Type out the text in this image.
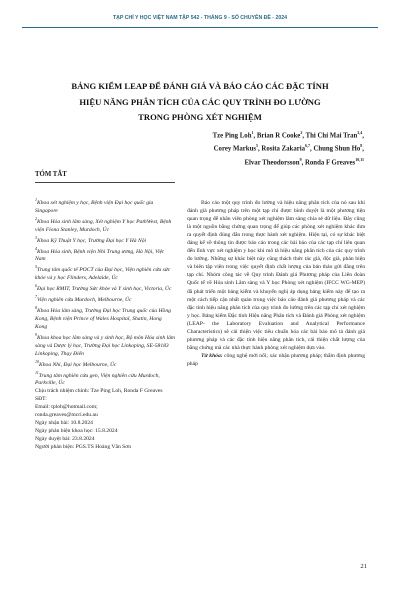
TẠP CHÍ Y HỌC VIỆT NAM TẬP 542 - THÁNG 9 - SỐ CHUYÊN ĐỀ - 2024
BẢNG KIỂM LEAP ĐỂ ĐÁNH GIÁ VÀ BÁO CÁO CÁC ĐẶC TÍNH
HIỆU NĂNG PHÂN TÍCH CỦA CÁC QUY TRÌNH ĐO LƯỜNG
TRONG PHÒNG XÉT NGHIỆM
Tze Ping Loh$^1$, Brian R Cooke$^2$, Thi Chi Mai Tran$^{3,4}$,
Corey Markus$^5$, Rosita Zakaria$^{6,7}$, Chung Shun Ho$^8$,
Elvar Theodorsson$^9$, Ronda F Greaves$^{10,11}$
TÓM TẮT

$^1$Khoa xét nghiệm y học, Bệnh viện Đại học quốc gia Singapore

$^2$Khoa Hóa sinh lâm sàng, Xét nghiệm Y học PathWest, Bệnh viện Fiona Stanley, Murdoch, Úc

$^3$Khoa Kỹ Thuật Y học, Trường Đại học Y Hà Nội

$^4$Khoa Hóa sinh, Bệnh viện Nhi Trung ương, Hà Nội, Việt Nam

$^5$Trung tâm quốc tế POCT của Đại học, Viện nghiên cứu sức khỏe và y học Flinders, Adelaide, Úc

$^6$Đại học RMIT, Trường Sức khỏe và Y sinh học, Victoria, Úc

$^7$Viện nghiên cứu Murdoch, Melbourne, Úc

$^8$Khoa Hóa lâm sàng, Trường Đại học Trung quốc của Hồng Kong, Bệnh viện Prince of Wales Hospital, Shatin, Hong Kong

$^9$Khoa khoa học lâm sàng và y sinh học, Bộ môn Hóa sinh lâm sàng và Dược lý học, Trường Đại học Linkoping, SE-58183 Linkoping, Thụy Điển

$^{10}$Khoa Nhi, Đại học Melbourne, Úc

$^{11}$Trung tâm nghiên cứu gen, Viện nghiên cứu Murdoch, Parkville, Úc

Chịu trách nhiệm chính: Tze Ping Loh, Ronda F Greaves

SĐT:

Email: tploh@hotmail.com;

ronda.greaves@mcri.edu.au

Ngày nhận bài: 10.8.2024

Ngày phản biện khoa học: 15.8.2024

Ngày duyệt bài: 23.8.2024

Người phản biện: PGS.TS Hoàng Văn Sơn

Báo cáo một quy trình đo lường và hiệu năng phân tích của nó sau khi đánh giá phương pháp trên một tạp chí được bình duyệt là một phương tiện quan trọng để nhân viên phòng xét nghiệm lâm sàng chia sẻ dữ liệu. Đây cũng là một nguồn bằng chứng quan trọng để giúp các phòng xét nghiệm khác đưa ra quyết định đúng đắn trong thực hành xét nghiệm. Hiện tại, có sự khác biệt đáng kể về thông tin được báo cáo trong các bài báo của các tạp chí liên quan đến lĩnh vực xét nghiệm y học khi mô tả hiệu năng phân tích của các quy trình đo lường. Những sự khác biệt này cũng thách thức tác giả, độc giả, phản biện và biên tập viên trong việc quyết định chất lượng của bản thảo gửi đăng trên tạp chí. Nhóm công tác về Quy trình Đánh giá Phương pháp của Liên đoàn Quốc tế về Hóa sinh Lâm sàng và Y học Phòng xét nghiệm (IFCC WG-MEP) đã phát triển một bảng kiểm và khuyến nghị áp dụng bảng kiểm này để tạo ra một cách tiếp cận nhất quán trong việc báo cáo đánh giá phương pháp và các đặc tính hiệu năng phân tích của quy trình đo lường trên các tạp chí xét nghiệm y học. Bảng kiểm Đặc tính Hiệu năng Phân tích và Đánh giá Phòng xét nghiệm (LEAP- the Laboratory Evaluation and Analytical Performance Characteristics) sẽ cải thiện việc tiêu chuẩn hóa các bài báo mô tả đánh giá phương pháp và các đặc tính hiệu năng phân tích, cải thiện chất lượng của bằng chứng mà các nhà thực hành phòng xét nghiệm dựa vào.

Từ khóa: công nghệ mới nổi; xác nhận phương pháp; thẩm định phương pháp

21
